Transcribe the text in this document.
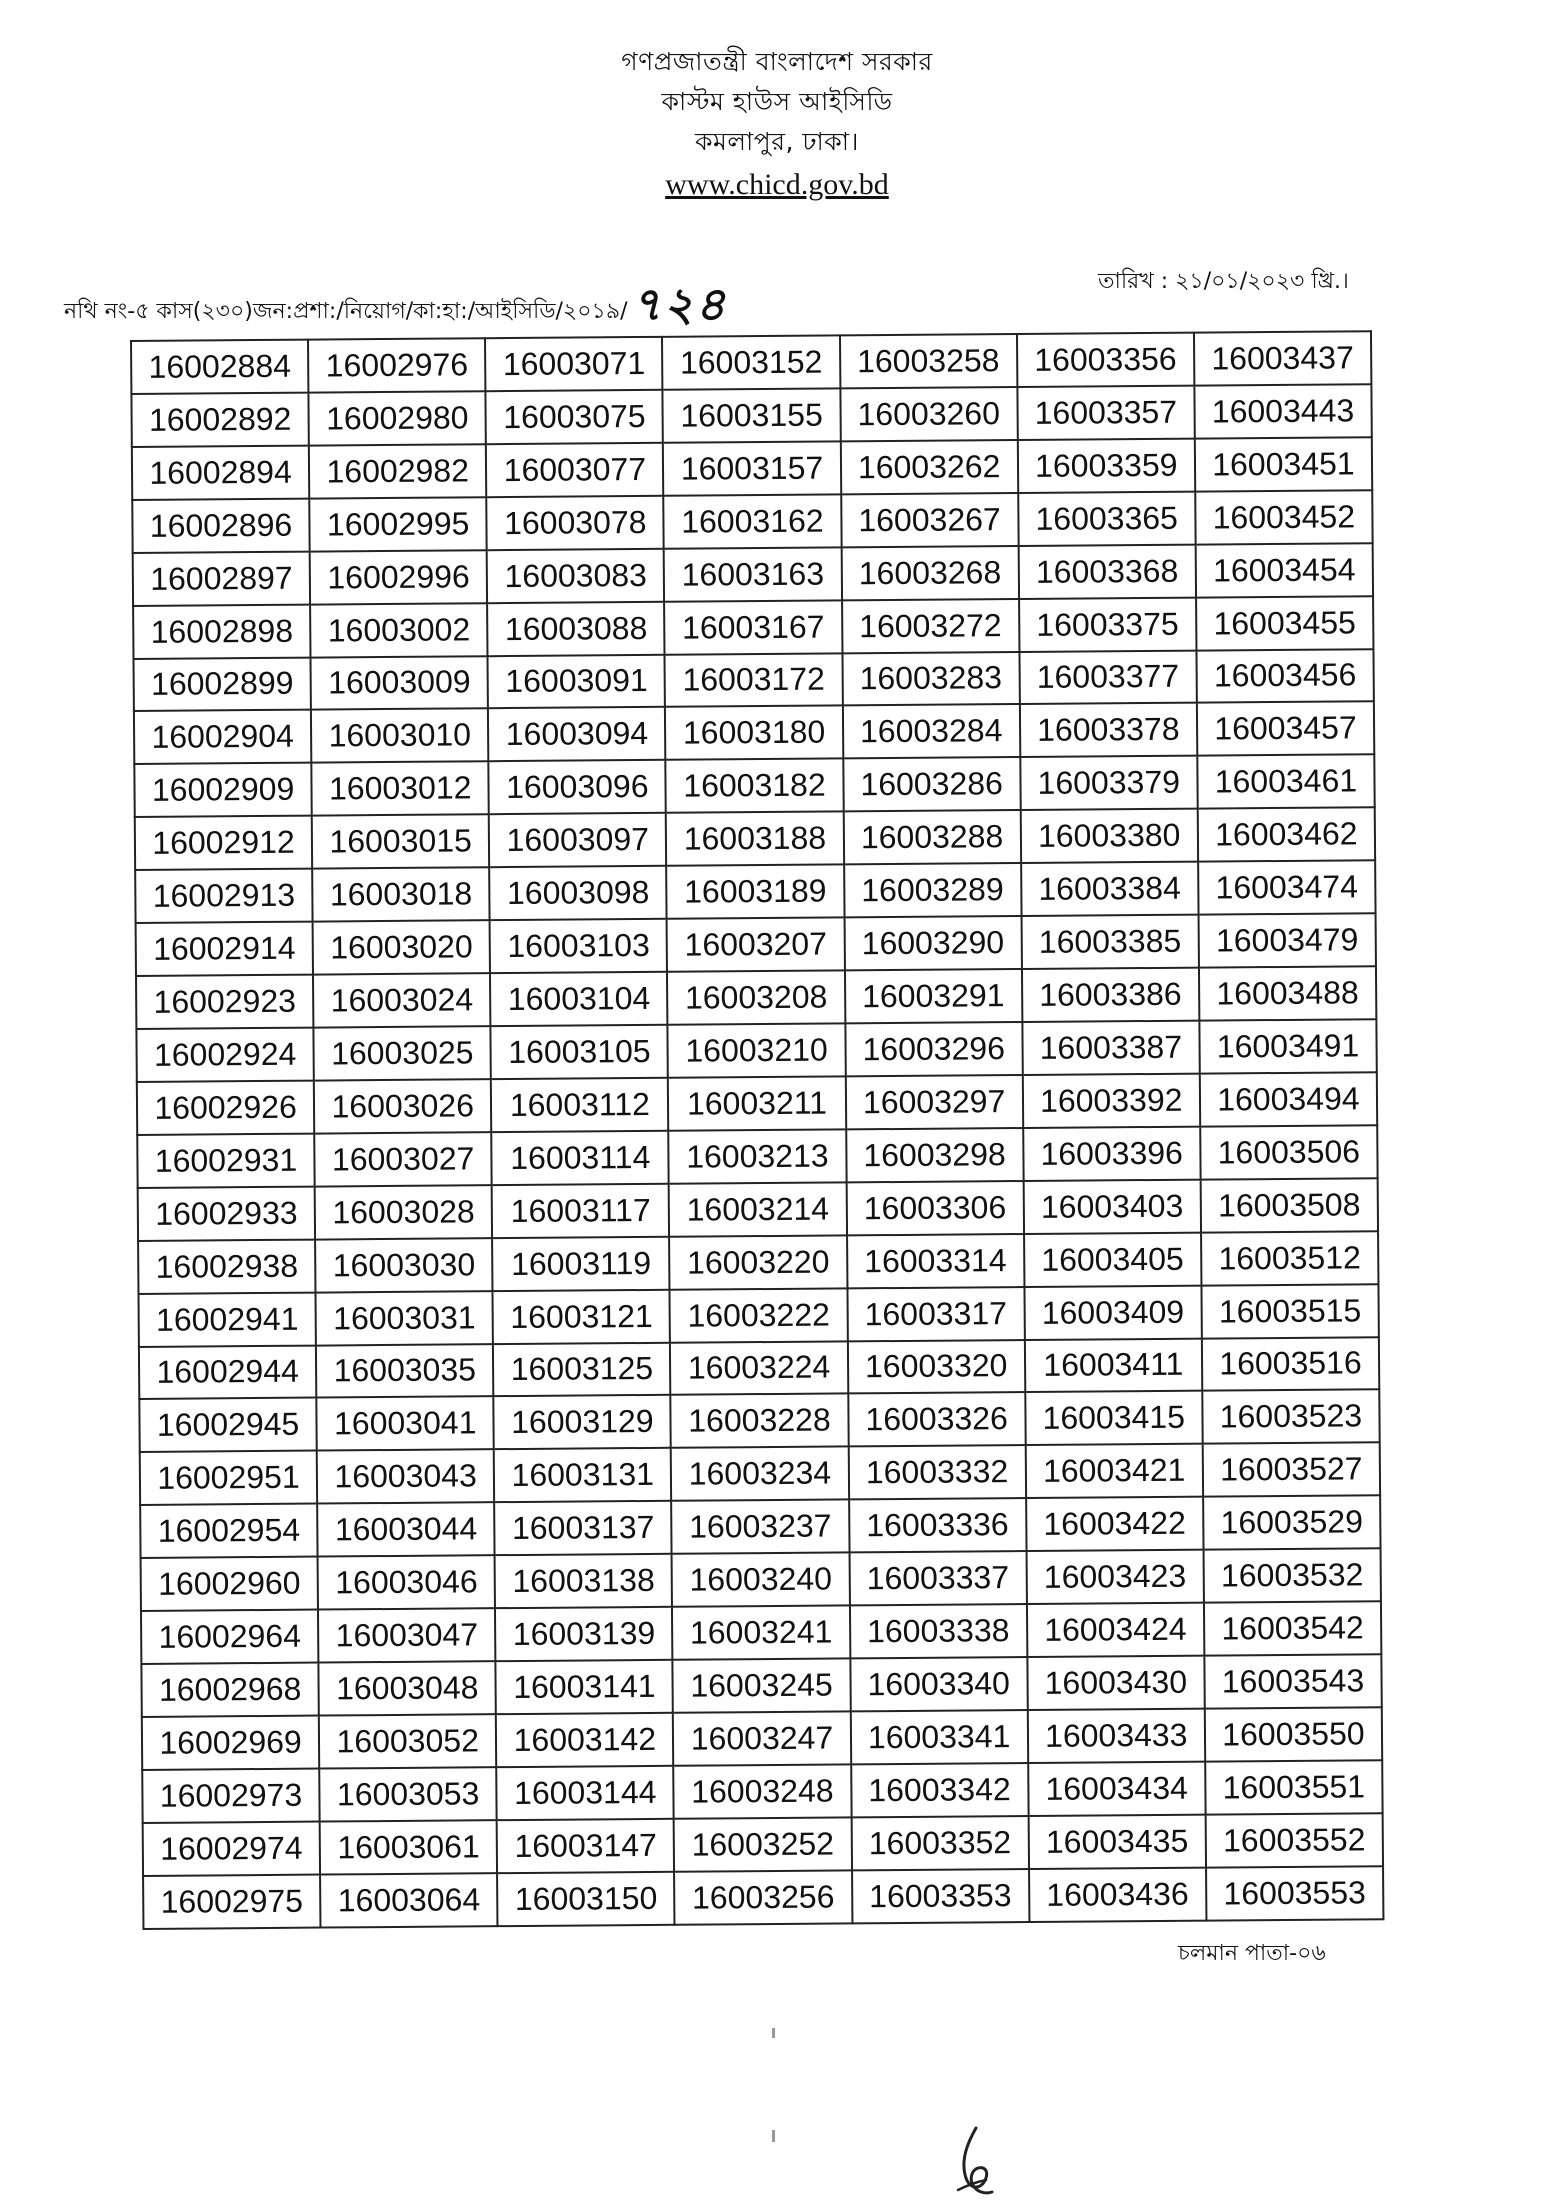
গণপ্রজাতন্ত্রী বাংলাদেশ সরকার
কাস্টম হাউস আইসিডি
কমলাপুর, ঢাকা।
www.chicd.gov.bd
নথি নং-৫ কাস(২৩০)জন:প্রশা:/নিয়োগ/কা:হা:/আইসিডি/২০১৯/৭২৪	তারিখ : ২১/০১/২০২৩ খ্রি.।
16002884	16002976	16003071	16003152	16003258	16003356	16003437
16002892	16002980	16003075	16003155	16003260	16003357	16003443
16002894	16002982	16003077	16003157	16003262	16003359	16003451
16002896	16002995	16003078	16003162	16003267	16003365	16003452
16002897	16002996	16003083	16003163	16003268	16003368	16003454
16002898	16003002	16003088	16003167	16003272	16003375	16003455
16002899	16003009	16003091	16003172	16003283	16003377	16003456
16002904	16003010	16003094	16003180	16003284	16003378	16003457
16002909	16003012	16003096	16003182	16003286	16003379	16003461
16002912	16003015	16003097	16003188	16003288	16003380	16003462
16002913	16003018	16003098	16003189	16003289	16003384	16003474
16002914	16003020	16003103	16003207	16003290	16003385	16003479
16002923	16003024	16003104	16003208	16003291	16003386	16003488
16002924	16003025	16003105	16003210	16003296	16003387	16003491
16002926	16003026	16003112	16003211	16003297	16003392	16003494
16002931	16003027	16003114	16003213	16003298	16003396	16003506
16002933	16003028	16003117	16003214	16003306	16003403	16003508
16002938	16003030	16003119	16003220	16003314	16003405	16003512
16002941	16003031	16003121	16003222	16003317	16003409	16003515
16002944	16003035	16003125	16003224	16003320	16003411	16003516
16002945	16003041	16003129	16003228	16003326	16003415	16003523
16002951	16003043	16003131	16003234	16003332	16003421	16003527
16002954	16003044	16003137	16003237	16003336	16003422	16003529
16002960	16003046	16003138	16003240	16003337	16003423	16003532
16002964	16003047	16003139	16003241	16003338	16003424	16003542
16002968	16003048	16003141	16003245	16003340	16003430	16003543
16002969	16003052	16003142	16003247	16003341	16003433	16003550
16002973	16003053	16003144	16003248	16003342	16003434	16003551
16002974	16003061	16003147	16003252	16003352	16003435	16003552
16002975	16003064	16003150	16003256	16003353	16003436	16003553
চলমান পাতা-০৬
